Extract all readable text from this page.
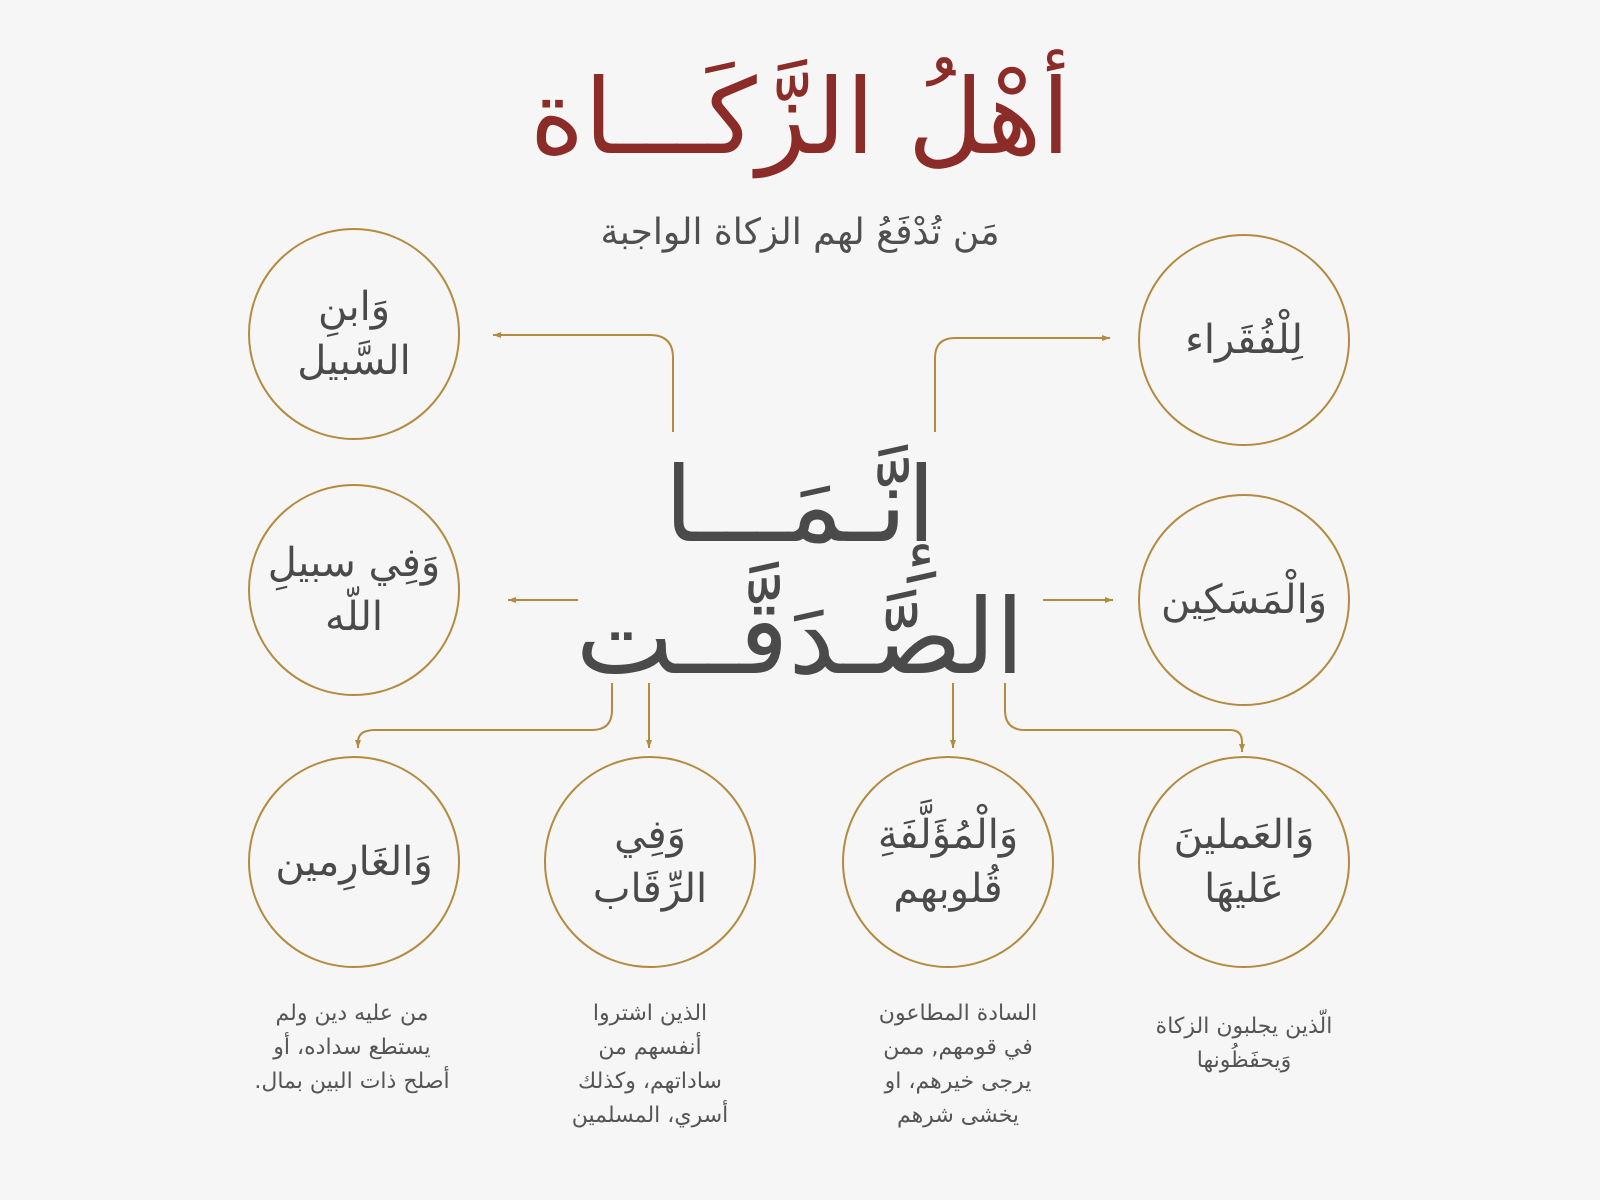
أهْلُ الزَّكَـــاة
مَن تُدْفَعُ لهم الزكاة الواجبة
إِنَّـمَـــا
الصَّـدَقَّــت
لِلْفُقَراء
وَالْمَسَكِين
وَابنِ
السَّبيل
وَفِي سبيلِ
اللّه
وَالعَملينَ
عَليهَا
وَالْمُؤَلَّفَةِ
قُلوبهم
وَفِي
الرِّقَاب
وَالغَارِمين
الّذين يجلبون الزكاة
وَيحفَظُونها
السادة المطاعون
في قومهم, ممن
يرجى خيرهم، او
يخشى شرهم
الذين اشتروا
أنفسهم من
ساداتهم، وكذلك
أسري، المسلمين
من عليه دين ولم
يستطع سداده، أو
أصلح ذات البين بمال.
